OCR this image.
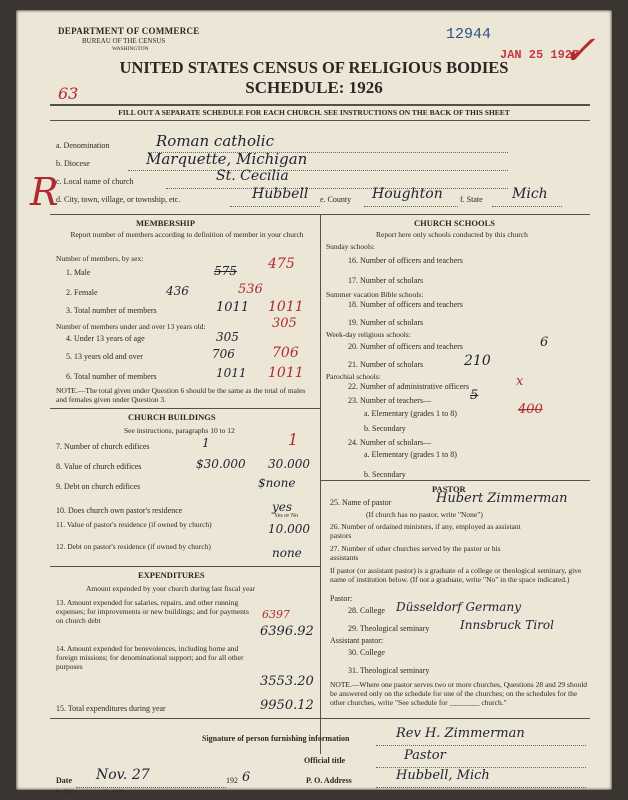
DEPARTMENT OF COMMERCE
BUREAU OF THE CENSUS
WASHINGTON
12944
JAN 25 1927
63
R
✓
UNITED STATES CENSUS OF RELIGIOUS BODIES
SCHEDULE: 1926
FILL OUT A SEPARATE SCHEDULE FOR EACH CHURCH. SEE INSTRUCTIONS ON THE BACK OF THIS SHEET
a. Denomination	Roman catholic
b. Diocese	Marquette, Michigan
c. Local name of church	St. Cecilia
d. City, town, village, or township, etc.	Hubbell e. County Houghton f. State Mich
MEMBERSHIP
Report number of members according to definition of member in your church
Number of members, by sex:
1. Male	575 475
2. Female	436	536
3. Total number of members	1011 1011
Number of members under and over 13 years old:	305
4. Under 13 years of age	305
5. 13 years old and over	706	706
6. Total number of members	1011 1011
NOTE.—The total given under Question 6 should be the same as the total of males and females given under Question 3.
CHURCH BUILDINGS
See instructions, paragraphs 10 to 12
7. Number of church edifices	1	1
8. Value of church edifices	$30.000 30.000
9. Debt on church edifices	$none
10. Does church own pastor's residence	yes
Yes or No
11. Value of pastor's residence (if owned by church)	10.000
12. Debt on pastor's residence (if owned by church)	none
EXPENDITURES
Amount expended by your church during last fiscal year
13. Amount expended for salaries, repairs, and other running expenses; for improvements or new buildings; and for payments on church debt	6397
6396.92
14. Amount expended for benevolences, including home and foreign missions; for denominational support; and for all other purposes
3553.20
15. Total expenditures during year	9950.12
CHURCH SCHOOLS
Report here only schools conducted by this church
Sunday schools:
16. Number of officers and teachers
17. Number of scholars
Summer vacation Bible schools:
18. Number of officers and teachers
19. Number of scholars
Week-day religious schools:
20. Number of officers and teachers	6
21. Number of scholars	210
Parochial schools:
22. Number of administrative officers	x
23. Number of teachers—	5
a. Elementary (grades 1 to 8)	400
b. Secondary
24. Number of scholars—
a. Elementary (grades 1 to 8)
b. Secondary
PASTOR
25. Name of pastor	Hubert Zimmerman
(If church has no pastor, write "None")
26. Number of ordained ministers, if any, employed as assistant pastors
27. Number of other churches served by the pastor or his assistants
If pastor (or assistant pastor) is a graduate of a college or theological seminary, give name of institution below. (If not a graduate, write "No" in the space indicated.)
Pastor:
28. College Düsseldorf Germany
29. Theological seminary	Innsbruck Tirol
Assistant pastor:
30. College
31. Theological seminary
NOTE.—Where one pastor serves two or more churches, Questions 28 and 29 should be answered only on the schedule for one of the churches; on the schedules for the other churches, write "See schedule for ________ church."
Signature of person furnishing information	Rev H. Zimmerman
Official title	Pastor
Date Nov. 27	192 6	P. O. Address	Hubbell, Mich
8—5518 a	11—Vohle
